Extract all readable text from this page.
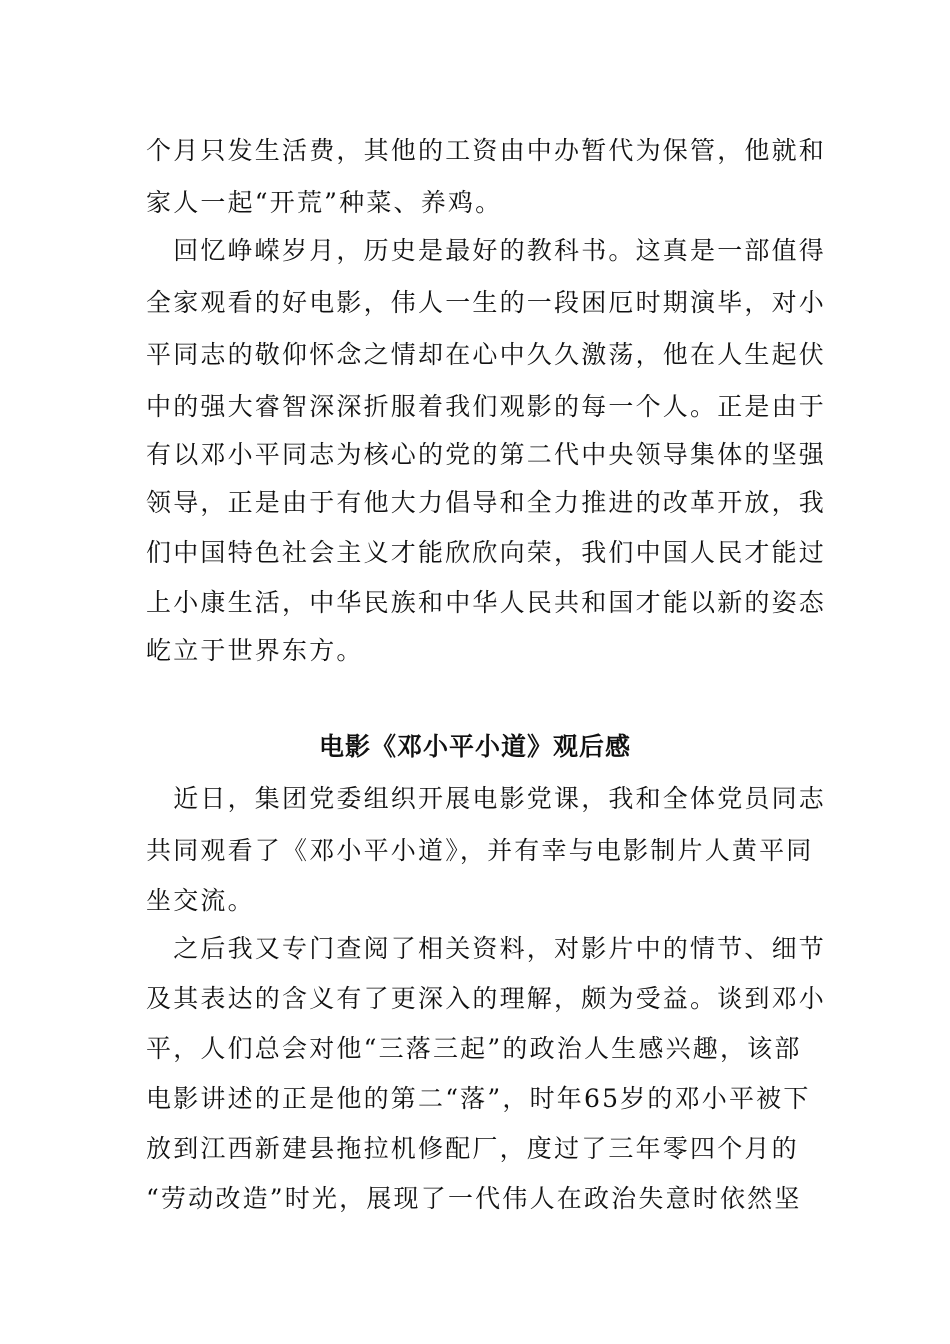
个月只发生活费，其他的工资由中办暂代为保管，他就和
家人一起“开荒”种菜、养鸡。
　回忆峥嵘岁月，历史是最好的教科书。这真是一部值得
全家观看的好电影，伟人一生的一段困厄时期演毕，对小
平同志的敬仰怀念之情却在心中久久激荡，他在人生起伏
中的强大睿智深深折服着我们观影的每一个人。正是由于
有以邓小平同志为核心的党的第二代中央领导集体的坚强
领导，正是由于有他大力倡导和全力推进的改革开放，我
们中国特色社会主义才能欣欣向荣，我们中国人民才能过
上小康生活，中华民族和中华人民共和国才能以新的姿态
屹立于世界东方。
电影《邓小平小道》观后感
　近日，集团党委组织开展电影党课，我和全体党员同志
共同观看了《邓小平小道》，并有幸与电影制片人黄平同
坐交流。
　之后我又专门查阅了相关资料，对影片中的情节、细节
及其表达的含义有了更深入的理解，颇为受益。谈到邓小
平，人们总会对他“三落三起”的政治人生感兴趣，该部
电影讲述的正是他的第二“落”，时年65岁的邓小平被下
放到江西新建县拖拉机修配厂，度过了三年零四个月的
“劳动改造”时光，展现了一代伟人在政治失意时依然坚
